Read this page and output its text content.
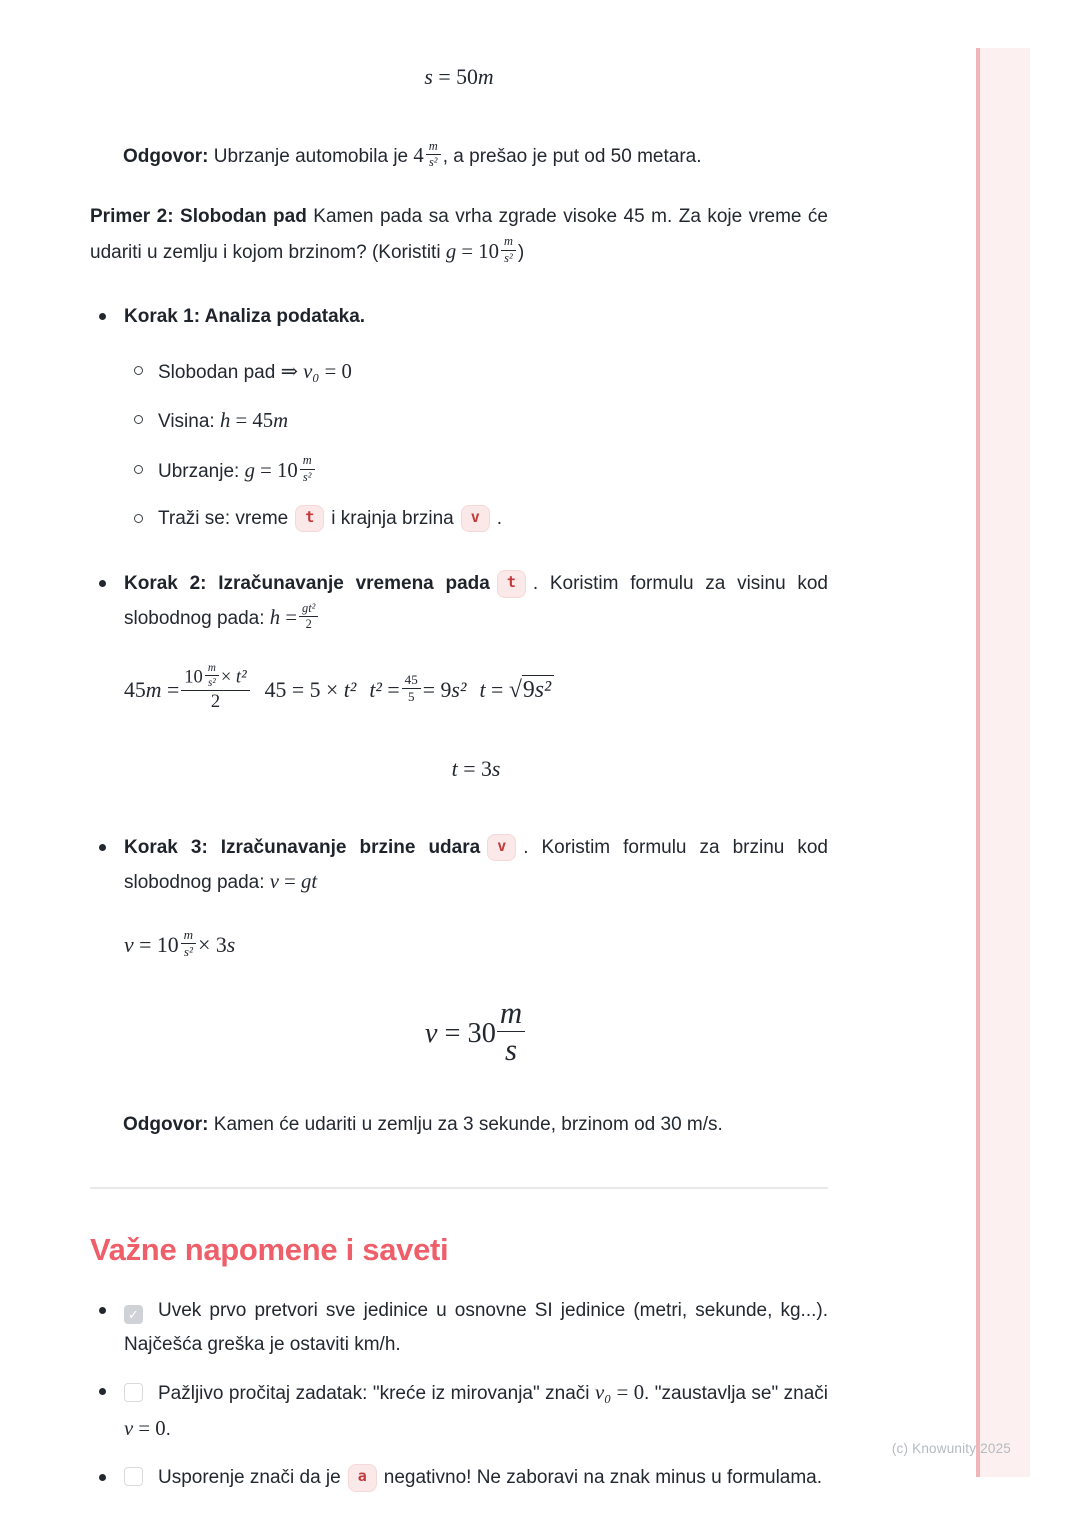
s = 50m

Odgovor: Ubrzanje automobila je $4 \frac{m}{\text{s²}}$ , a prešao je put od 50 metara.

Primer 2: Slobodan pad Kamen pada sa vrha zgrade visoke 45 m. Za koje vreme će udariti u zemlju i kojom brzinom? (Koristiti $g = 10 \frac{m}{\text{s²}}$ )

Korak 1: Analiza podataka.

Slobodan pad ⇒ v₀ = 0
Visina: h = 45m
Ubrzanje: $g = 10 \frac{m}{\text{s²}}$
Traži se: vreme t i krajnja brzina v .

Korak 2: Izračunavanje vremena pada t . Koristim formulu za visinu kod slobodnog pada: $h = \frac{\text{gt²}}{2}$

$45m = \frac{10 \frac{m}{\text{s²}} \times t^2}{2} 45 = 5 \times t^2$ $t^2 = \frac{45}{5} = 9s^2$ t = √9s²

t = 3s

Korak 3: Izračunavanje brzine udara v . Koristim formulu za brzinu kod slobodnog pada: v = gt

$v = 10 \frac{m}{\text{s²}} \times 3s$

$v = 30 \frac{m}{s}$

Odgovor: Kamen će udariti u zemlju za 3 sekunde, brzinom od 30 m/s.

Važne napomene i saveti
✓ Uvek prvo pretvori sve jedinice u osnovne SI jedinice (metri, sekunde, kg...). Najčešća greška je ostaviti km/h.
Pažljivo pročitaj zadatak: "kreće iz mirovanja" znači v₀ = 0. "zaustavlja se" znači v = 0.
Usporenje znači da je a negativno! Ne zaboravi na znak minus u formulama.
(c) Knowunity 2025
